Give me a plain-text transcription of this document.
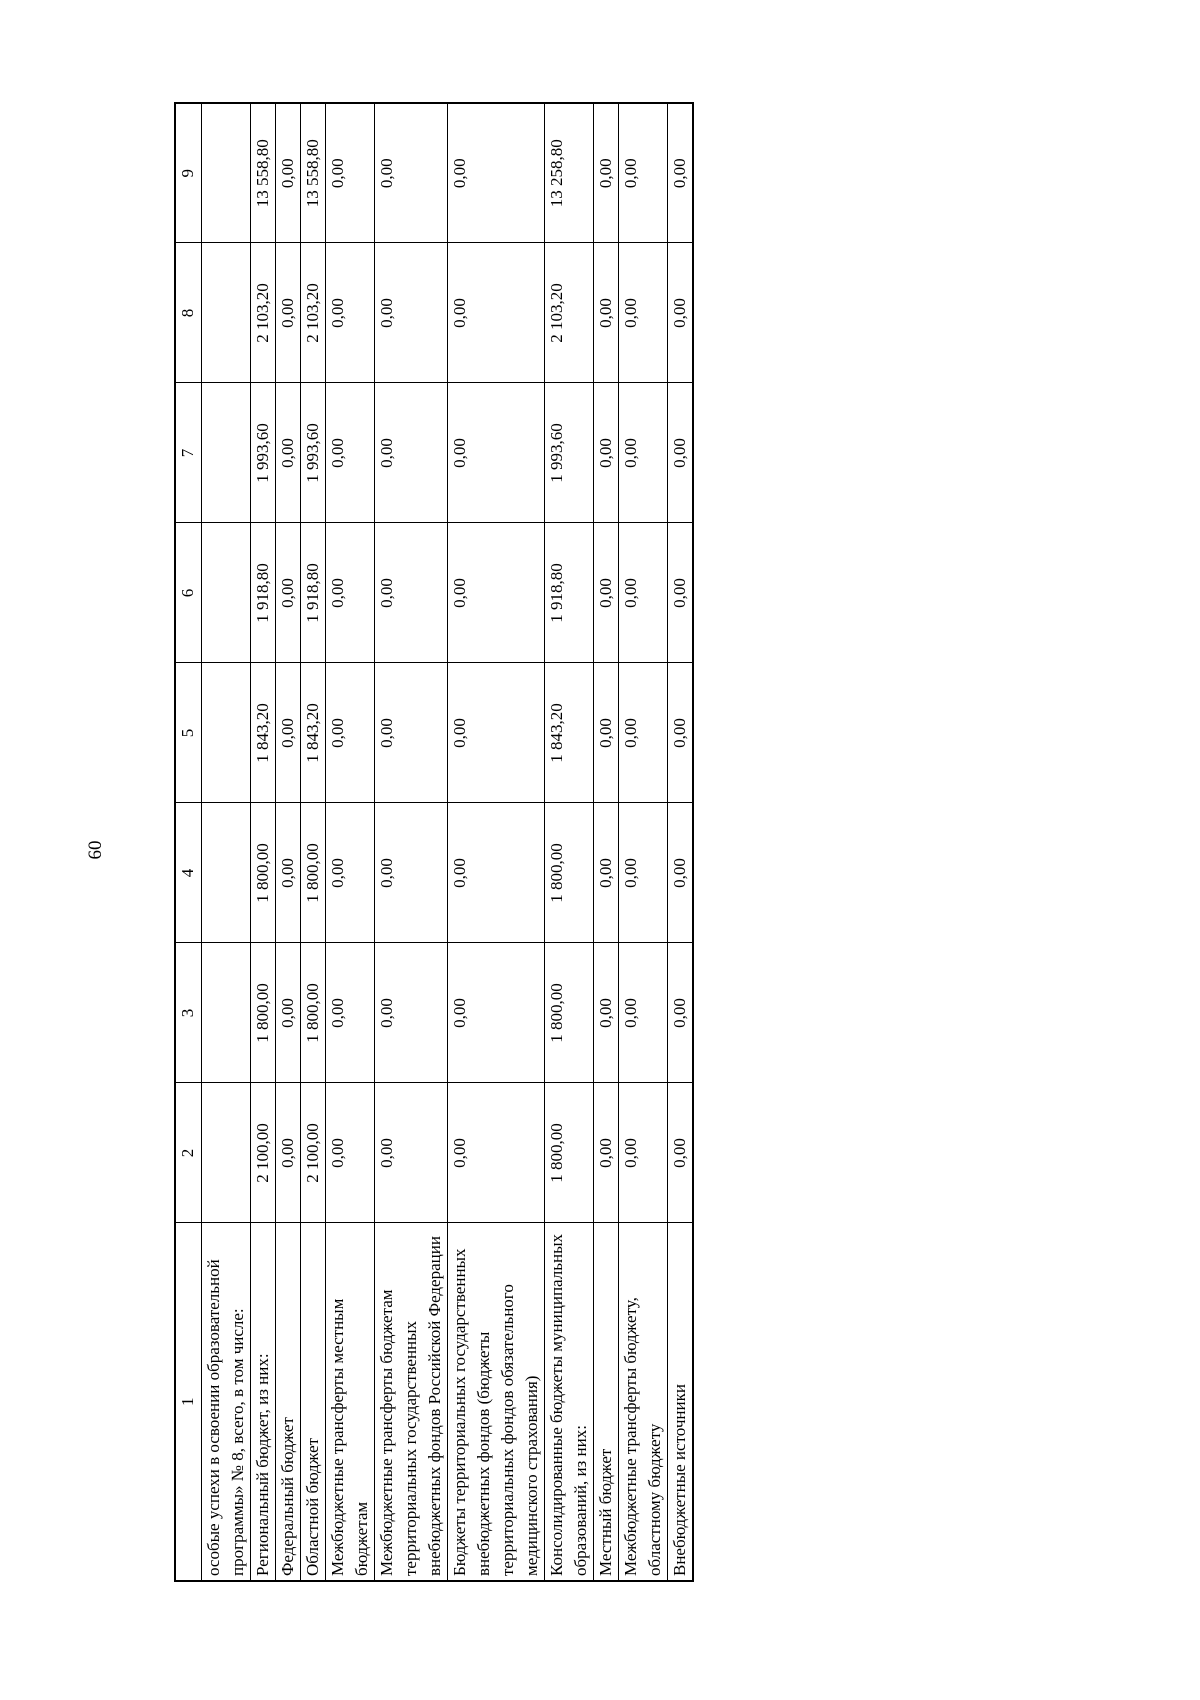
60
1	2	3	4	5	6	7	8	9
особые успехи в освоении образовательной программы» № 8, всего, в том числе:								
Региональный бюджет, из них:	2 100,00	1 800,00	1 800,00	1 843,20	1 918,80	1 993,60	2 103,20	13 558,80
Федеральный бюджет	0,00	0,00	0,00	0,00	0,00	0,00	0,00	0,00
Областной бюджет	2 100,00	1 800,00	1 800,00	1 843,20	1 918,80	1 993,60	2 103,20	13 558,80
Межбюджетные трансферты местным бюджетам	0,00	0,00	0,00	0,00	0,00	0,00	0,00	0,00
Межбюджетные трансферты бюджетам территориальных государственных внебюджетных фондов Российской Федерации	0,00	0,00	0,00	0,00	0,00	0,00	0,00	0,00
Бюджеты территориальных государственных внебюджетных фондов (бюджеты территориальных фондов обязательного медицинского страхования)	0,00	0,00	0,00	0,00	0,00	0,00	0,00	0,00
Консолидированные бюджеты муниципальных образований, из них:	1 800,00	1 800,00	1 800,00	1 843,20	1 918,80	1 993,60	2 103,20	13 258,80
Местный бюджет	0,00	0,00	0,00	0,00	0,00	0,00	0,00	0,00
Межбюджетные трансферты бюджету, областному бюджету	0,00	0,00	0,00	0,00	0,00	0,00	0,00	0,00
Внебюджетные источники	0,00	0,00	0,00	0,00	0,00	0,00	0,00	0,00
